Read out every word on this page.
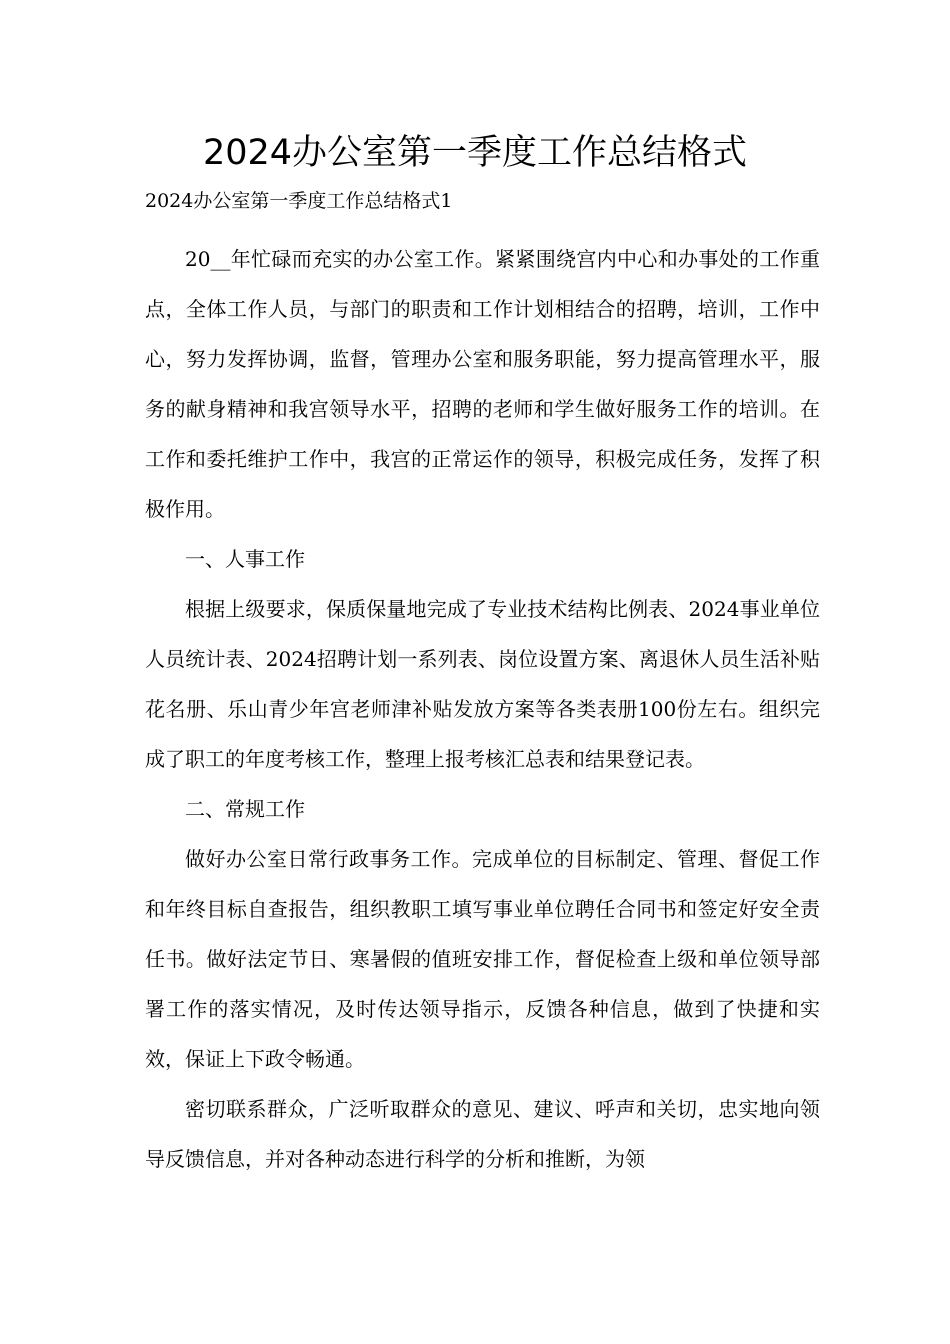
2024办公室第一季度工作总结格式

2024办公室第一季度工作总结格式1

20__年忙碌而充实的办公室工作。紧紧围绕宫内中心和办事处的工作重点，全体工作人员，与部门的职责和工作计划相结合的招聘，培训，工作中心，努力发挥协调，监督，管理办公室和服务职能，努力提高管理水平，服务的献身精神和我宫领导水平，招聘的老师和学生做好服务工作的培训。在工作和委托维护工作中，我宫的正常运作的领导，积极完成任务，发挥了积极作用。

一、人事工作

根据上级要求，保质保量地完成了专业技术结构比例表、2024事业单位人员统计表、2024招聘计划一系列表、岗位设置方案、离退休人员生活补贴花名册、乐山青少年宫老师津补贴发放方案等各类表册100份左右。组织完成了职工的年度考核工作，整理上报考核汇总表和结果登记表。

二、常规工作

做好办公室日常行政事务工作。完成单位的目标制定、管理、督促工作和年终目标自查报告，组织教职工填写事业单位聘任合同书和签定好安全责任书。做好法定节日、寒暑假的值班安排工作，督促检查上级和单位领导部署工作的落实情况，及时传达领导指示，反馈各种信息，做到了快捷和实效，保证上下政令畅通。

密切联系群众，广泛听取群众的意见、建议、呼声和关切，忠实地向领导反馈信息，并对各种动态进行科学的分析和推断，为领
